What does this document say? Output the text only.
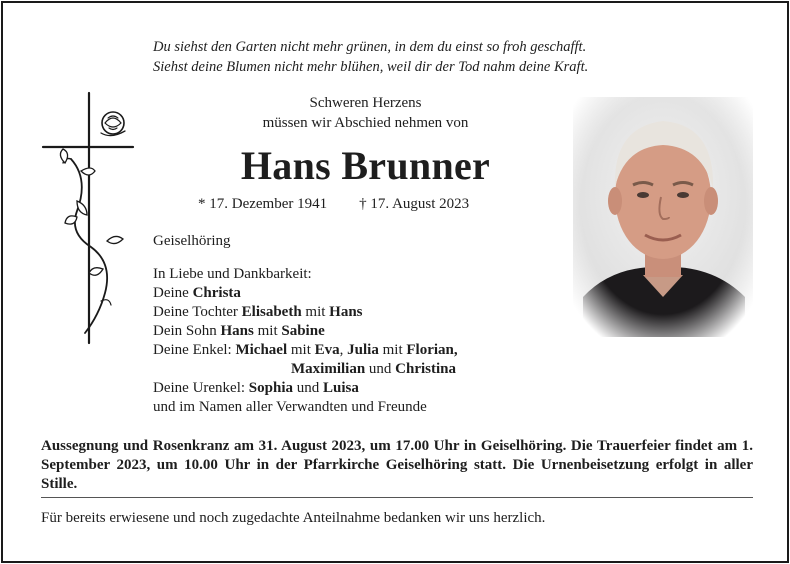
Du siehst den Garten nicht mehr grünen, in dem du einst so froh geschafft.
Siehst deine Blumen nicht mehr blühen, weil dir der Tod nahm deine Kraft.
Schweren Herzens
müssen wir Abschied nehmen von
Hans Brunner
* 17. Dezember 1941 † 17. August 2023
Geiselhöring
In Liebe und Dankbarkeit:
Deine Christa
Deine Tochter Elisabeth mit Hans
Dein Sohn Hans mit Sabine
Deine Enkel: Michael mit Eva, Julia mit Florian,
Maximilian und Christina
Deine Urenkel: Sophia und Luisa
und im Namen aller Verwandten und Freunde
Aussegnung und Rosenkranz am 31. August 2023, um 17.00 Uhr in Geiselhöring. Die Trauerfeier findet am 1. September 2023, um 10.00 Uhr in der Pfarrkirche Geiselhöring statt. Die Urnenbeisetzung erfolgt in aller Stille.
Für bereits erwiesene und noch zugedachte Anteilnahme bedanken wir uns herzlich.
